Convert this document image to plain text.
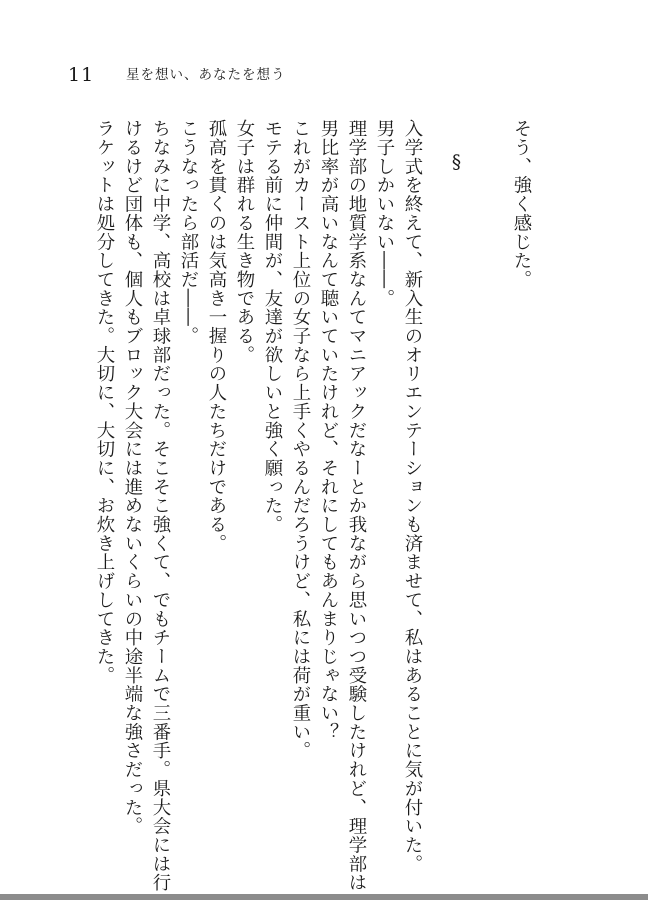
11 星を想い、あなたを想う
そう、強く感じた。
§
入学式を終えて、新入生のオリエンテーションも済ませて、私はあることに気が付いた。
男子しかいない――。
理学部の地質学系なんてマニアックだなーとか我ながら思いつつ受験したけれど、理学部は
男比率が高いなんて聴いていたけれど、それにしてもあんまりじゃない？
これがカースト上位の女子なら上手くやるんだろうけど、私には荷が重い。
モテる前に仲間が、友達が欲しいと強く願った。
女子は群れる生き物である。
孤高を貫くのは気高き一握りの人たちだけである。
こうなったら部活だ――。
ちなみに中学、高校は卓球部だった。そこそこ強くて、でもチームで三番手。県大会には行
けるけど団体も、個人もブロック大会には進めないくらいの中途半端な強さだった。
ラケットは処分してきた。大切に、大切に、お炊き上げしてきた。
